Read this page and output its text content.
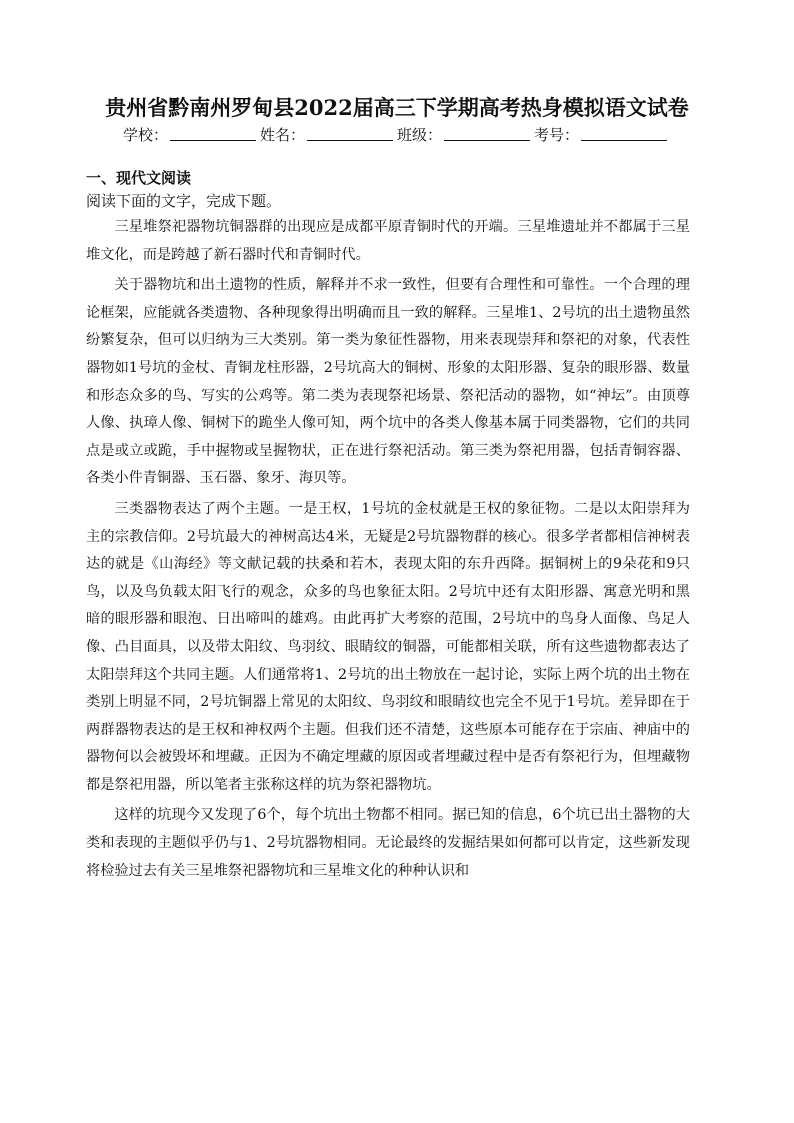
贵州省黔南州罗甸县2022届高三下学期高考热身模拟语文试卷
学校：	姓名：	班级：	考号：
一、现代文阅读
阅读下面的文字，完成下题。

三星堆祭祀器物坑铜器群的出现应是成都平原青铜时代的开端。三星堆遗址并不都属于三星堆文化，而是跨越了新石器时代和青铜时代。

关于器物坑和出土遗物的性质，解释并不求一致性，但要有合理性和可靠性。一个合理的理论框架，应能就各类遗物、各种现象得出明确而且一致的解释。三星堆1、2号坑的出土遗物虽然纷繁复杂，但可以归纳为三大类别。第一类为象征性器物，用来表现崇拜和祭祀的对象，代表性器物如1号坑的金杖、青铜龙柱形器，2号坑高大的铜树、形象的太阳形器、复杂的眼形器、数量和形态众多的鸟、写实的公鸡等。第二类为表现祭祀场景、祭祀活动的器物，如“神坛”。由顶尊人像、执璋人像、铜树下的跪坐人像可知，两个坑中的各类人像基本属于同类器物，它们的共同点是或立或跪，手中握物或呈握物状，正在进行祭祀活动。第三类为祭祀用器，包括青铜容器、各类小件青铜器、玉石器、象牙、海贝等。

三类器物表达了两个主题。一是王权，1号坑的金杖就是王权的象征物。二是以太阳崇拜为主的宗教信仰。2号坑最大的神树高达4米，无疑是2号坑器物群的核心。很多学者都相信神树表达的就是《山海经》等文献记载的扶桑和若木，表现太阳的东升西降。据铜树上的9朵花和9只鸟，以及鸟负载太阳飞行的观念，众多的鸟也象征太阳。2号坑中还有太阳形器、寓意光明和黑暗的眼形器和眼泡、日出啼叫的雄鸡。由此再扩大考察的范围，2号坑中的鸟身人面像、鸟足人像、凸目面具，以及带太阳纹、鸟羽纹、眼睛纹的铜器，可能都相关联，所有这些遗物都表达了太阳崇拜这个共同主题。人们通常将1、2号坑的出土物放在一起讨论，实际上两个坑的出土物在类别上明显不同，2号坑铜器上常见的太阳纹、鸟羽纹和眼睛纹也完全不见于1号坑。差异即在于两群器物表达的是王权和神权两个主题。但我们还不清楚，这些原本可能存在于宗庙、神庙中的器物何以会被毁坏和埋藏。正因为不确定埋藏的原因或者埋藏过程中是否有祭祀行为，但埋藏物都是祭祀用器，所以笔者主张称这样的坑为祭祀器物坑。

这样的坑现今又发现了6个，每个坑出土物都不相同。据已知的信息，6个坑已出土器物的大类和表现的主题似乎仍与1、2号坑器物相同。无论最终的发掘结果如何都可以肯定，这些新发现将检验过去有关三星堆祭祀器物坑和三星堆文化的种种认识和
